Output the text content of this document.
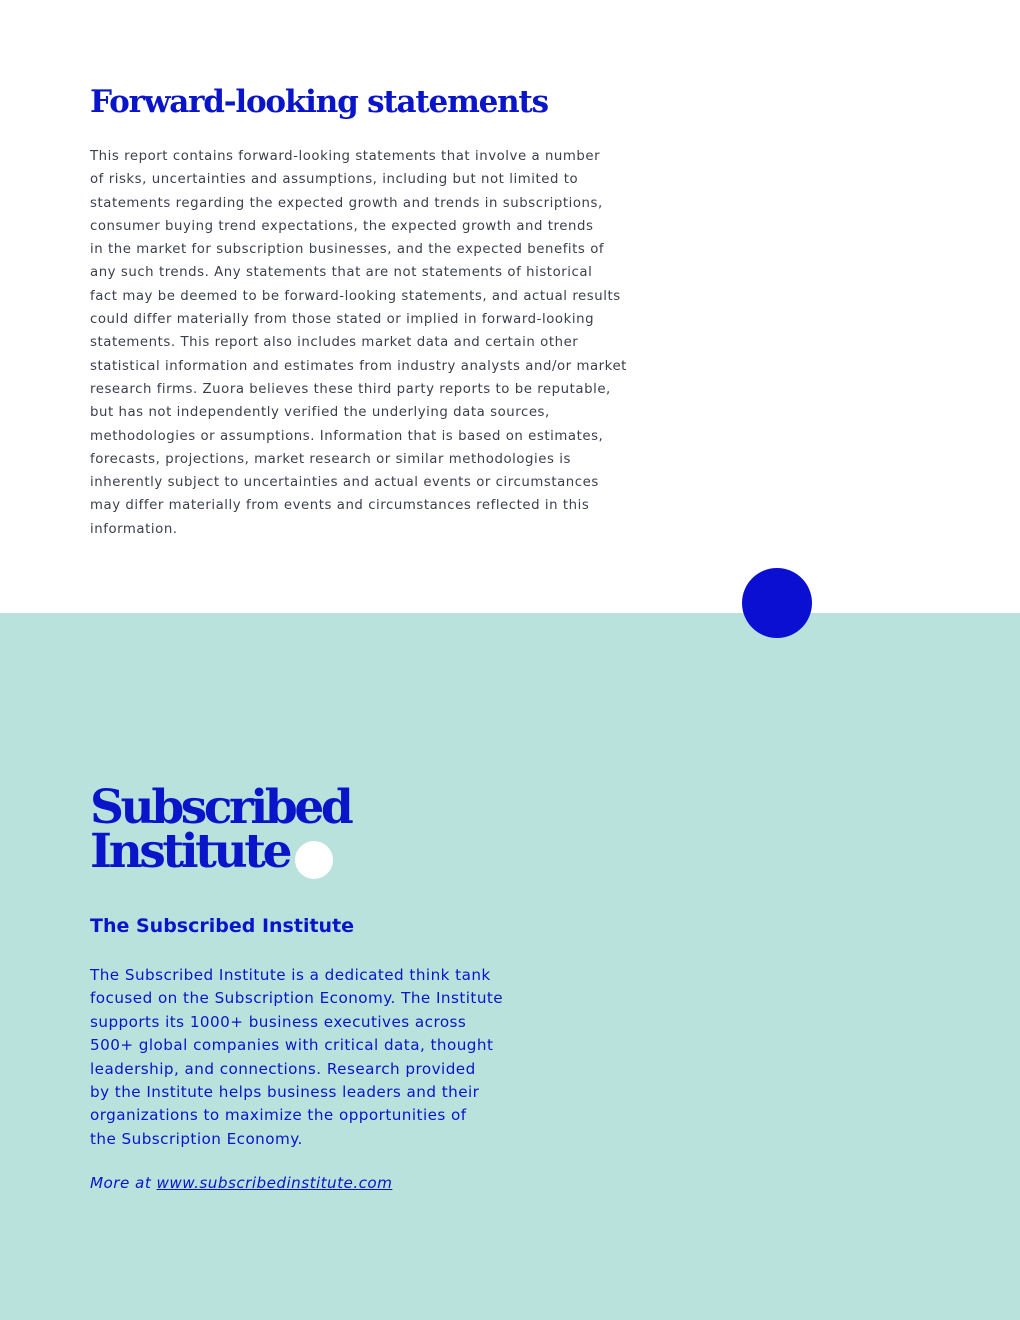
Forward-looking statements
This report contains forward-looking statements that involve a number
of risks, uncertainties and assumptions, including but not limited to
statements regarding the expected growth and trends in subscriptions,
consumer buying trend expectations, the expected growth and trends
in the market for subscription businesses, and the expected benefits of
any such trends. Any statements that are not statements of historical
fact may be deemed to be forward-looking statements, and actual results
could differ materially from those stated or implied in forward-looking
statements. This report also includes market data and certain other
statistical information and estimates from industry analysts and/or market
research firms. Zuora believes these third party reports to be reputable,
but has not independently verified the underlying data sources,
methodologies or assumptions. Information that is based on estimates,
forecasts, projections, market research or similar methodologies is
inherently subject to uncertainties and actual events or circumstances
may differ materially from events and circumstances reflected in this
information.
Subscribed
Institute
The Subscribed Institute
The Subscribed Institute is a dedicated think tank
focused on the Subscription Economy. The Institute
supports its 1000+ business executives across
500+ global companies with critical data, thought
leadership, and connections. Research provided
by the Institute helps business leaders and their
organizations to maximize the opportunities of
the Subscription Economy.
More at www.subscribedinstitute.com
